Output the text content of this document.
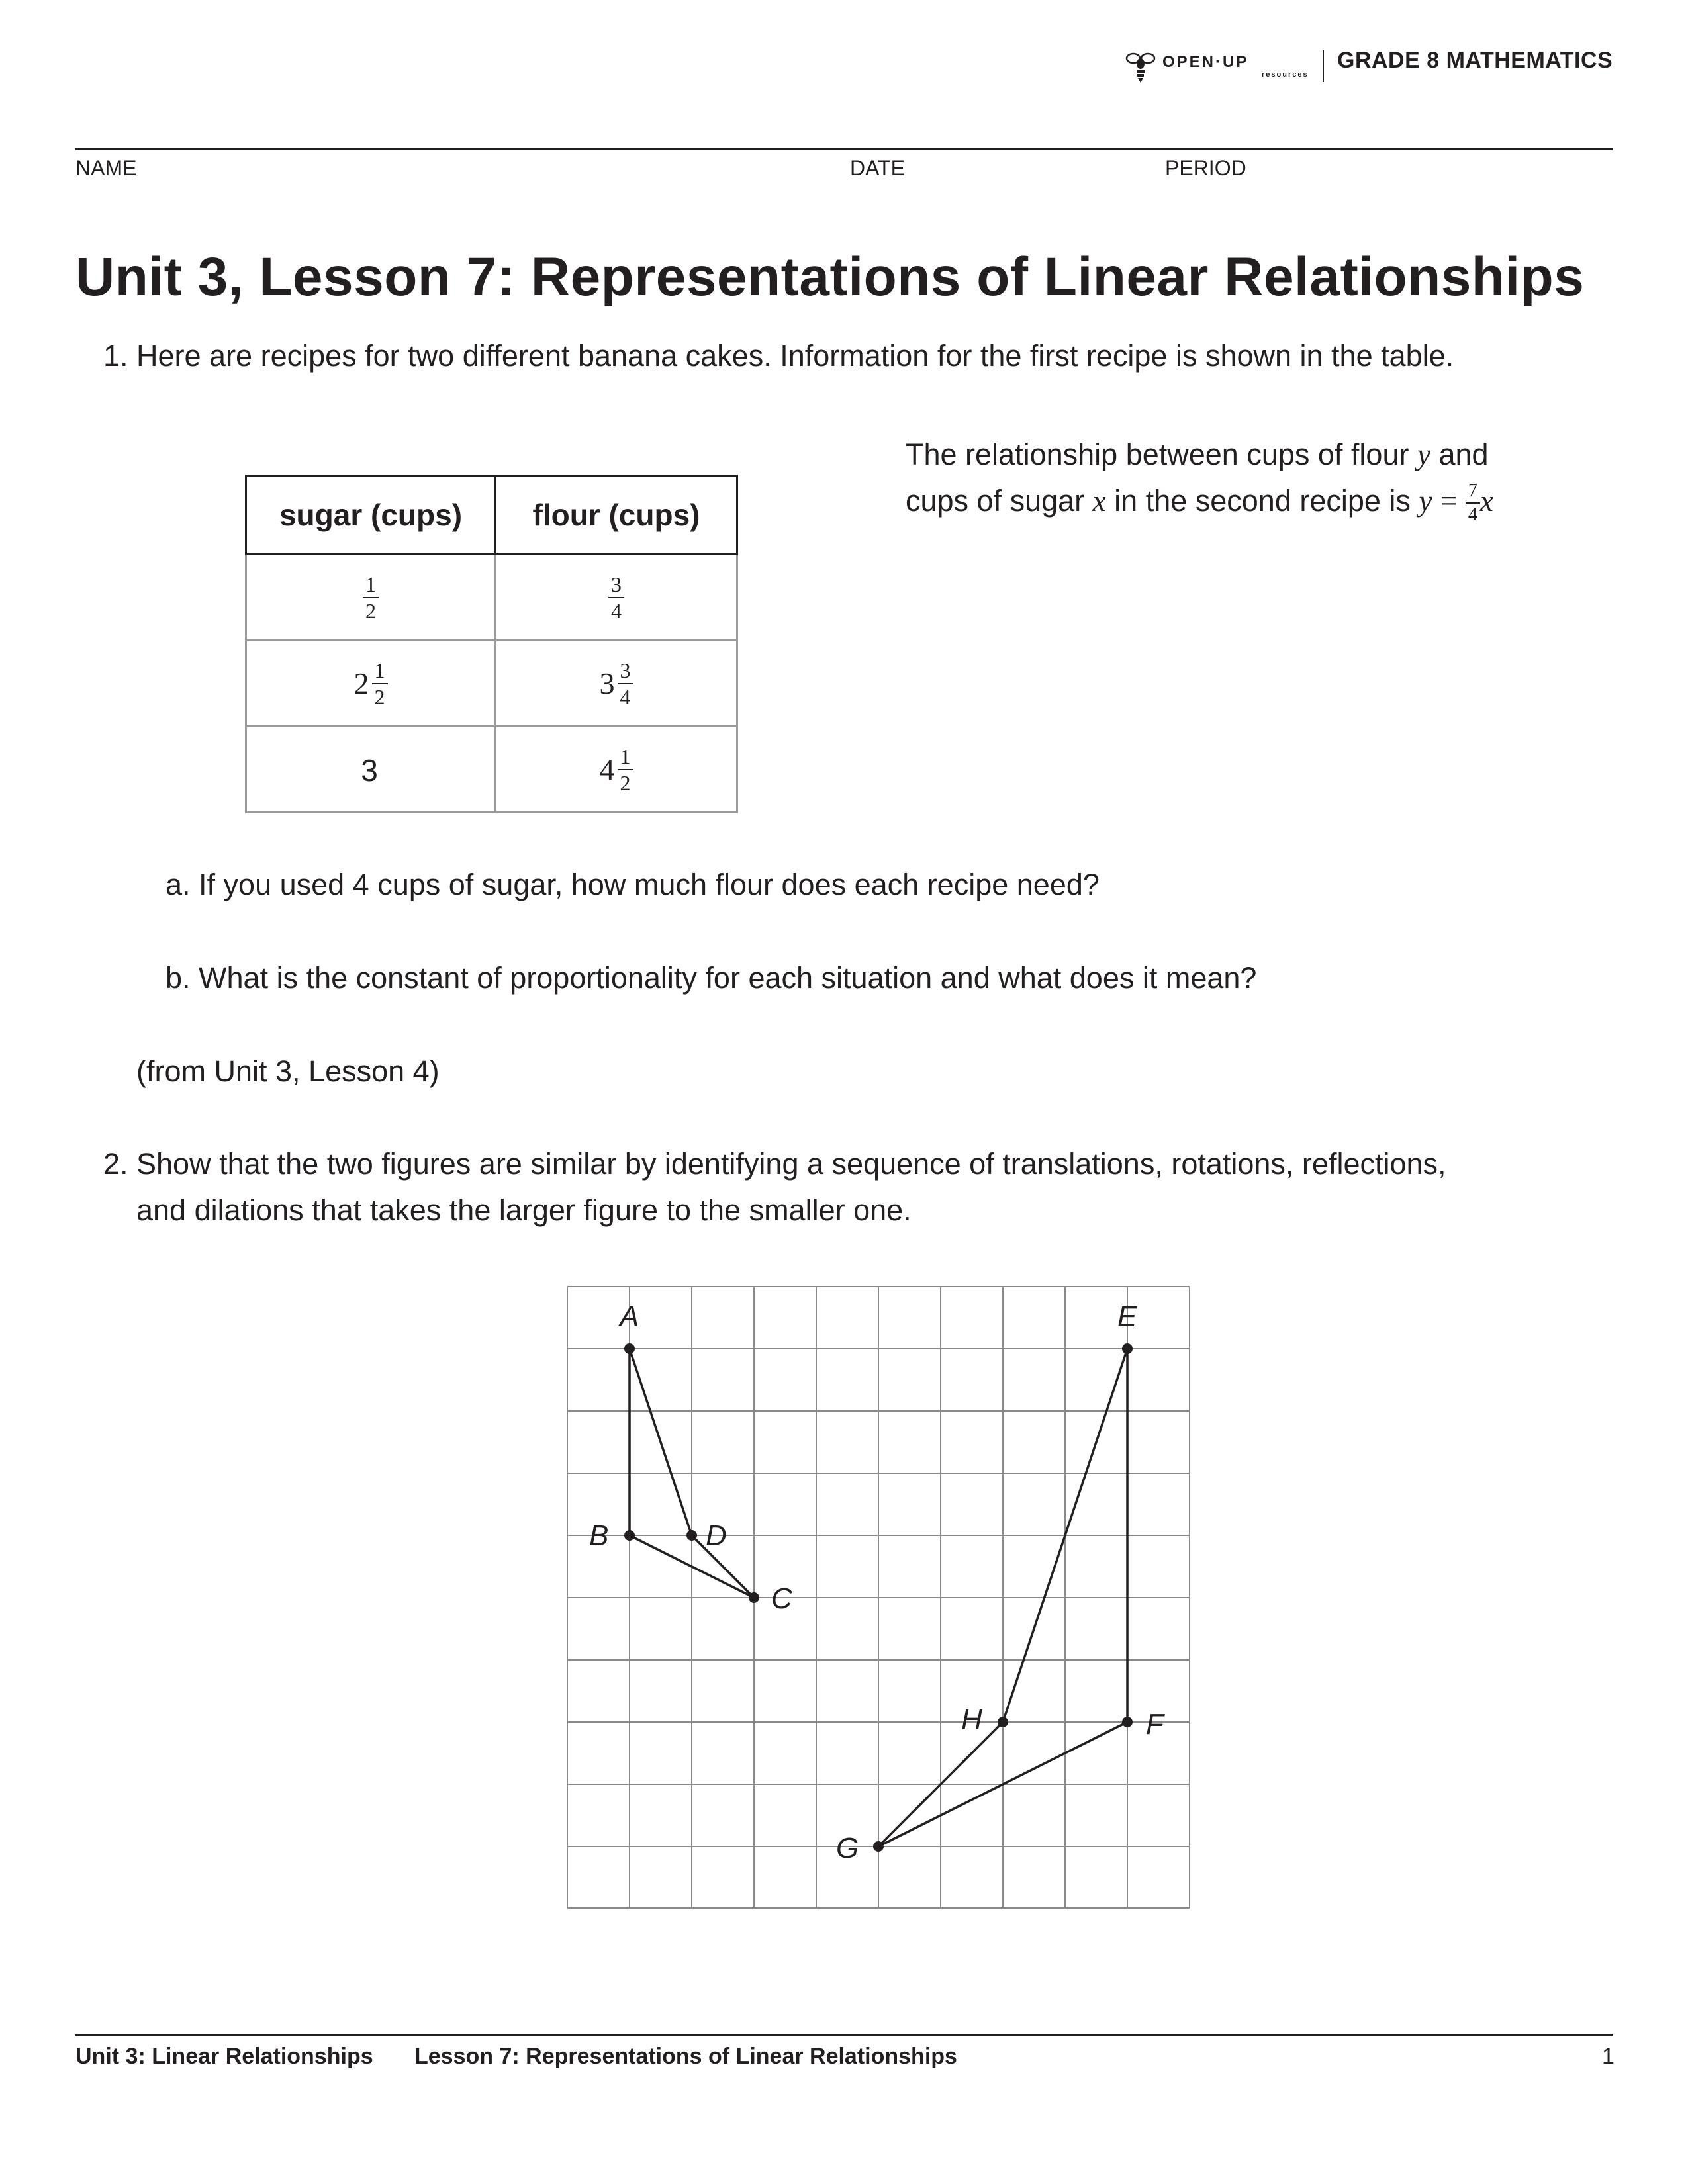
OPEN·UP
resources
GRADE 8 MATHEMATICS
NAME	DATE	PERIOD
Unit 3, Lesson 7: Representations of Linear Relationships
1. Here are recipes for two different banana cakes. Information for the first recipe is shown in the table.
sugar (cups)	flour (cups)

$\frac{1}{2}$	$\frac{3}{4}$

$2 \frac{1}{2}$	$3 \frac{3}{4}$

3	$4 \frac{1}{2}$
The relationship between cups of flour y and
cups of sugar x in the second recipe is $y = \frac{7}{4}$ x
a. If you used 4 cups of sugar, how much flour does each recipe need?
b. What is the constant of proportionality for each situation and what does it mean?
(from Unit 3, Lesson 4)
2. Show that the two figures are similar by identifying a sequence of translations, rotations, reflections,
and dilations that takes the larger figure to the smaller one.
A
B
C
D
E
F
G
H
Unit 3: Linear Relationships Lesson 7: Representations of Linear Relationships	1
